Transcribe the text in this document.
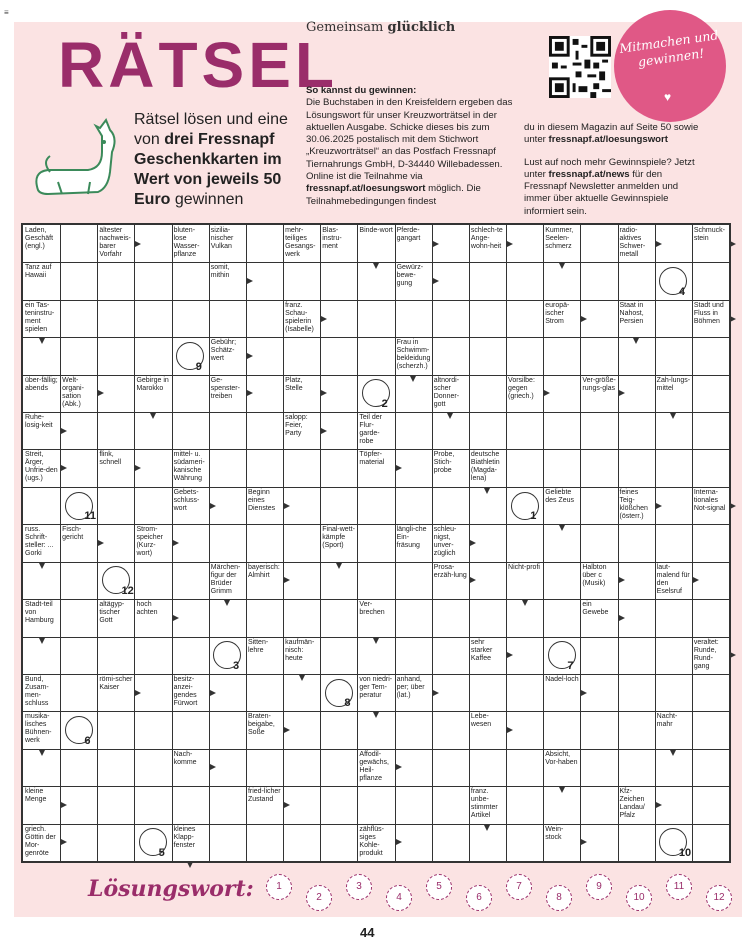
≡
Gemeinsam glücklich
RÄTSEL
Rätsel lösen und eine von drei Fressnapf Geschenkkarten im Wert von jeweils 50 Euro gewinnen
So kannst du gewinnen:
Die Buchstaben in den Kreisfeldern ergeben das Lösungswort für unser Kreuzworträtsel in der aktuellen Ausgabe. Schicke dieses bis zum 30.06.2025 postalisch mit dem Stichwort „Kreuzworträtsel“ an das Postfach Fressnapf Tiernahrungs GmbH, D-34440 Willebadessen. Online ist die Teilnahme via fressnapf.at/loesungswort möglich. Die Teilnahmebedingungen findest

du in diesem Magazin auf Seite 50 sowie unter fressnapf.at/loesungswort

Lust auf noch mehr Gewinnspiele? Jetzt unter fressnapf.at/news für den Fressnapf Newsletter anmelden und immer über aktuelle Gewinnspiele informiert sein.

Mitmachen und gewinnen!
♥
Laden, Geschäft (engl.)
ältester nachweis-barer Vorfahr
bluten-lose Wasser-pflanze
sizilia-nischer Vulkan
mehr-teiliges Gesangs-werk
Blas-instru-ment
Binde-wort Pferde-gangart
schlech-te Ange-wohn-heit
Kummer, Seelen-schmerz
radio-aktives Schwer-metall
Schmuck-stein
Tanz auf Hawaii
somit, mithin
Gewürz-bewe-gung
ein Tas-teninstru-ment spielen
franz. Schau-spielerin (Isabelle)
europä-ischer Strom
Staat in Nahost, Persien
Stadt und Fluss in Böhmen
Gebühr; Schätz-wert
Frau in Schwimm-bekleidung (scherzh.)
über-fällig; abends
Welt-organi-sation (Abk.)
Gebirge in Marokko
Ge-spenster-treiben
Platz, Stelle
altnordi-scher Donner-gott
Vorsilbe: gegen (griech.)
Ver-größe-rungs-glas
Zah-lungs-mittel
Ruhe-losig-keit
salopp: Feier, Party
Teil der Flur-garde-robe
Streit, Ärger, Unfrie-den (ugs.)
flink, schnell
mittel- u. südameri-kanische Währung
Töpfer-material
Probe, Stich-probe
deutsche Biathletin (Magda-lena)
Gebets-schluss-wort
Beginn eines Dienstes
Geliebte des Zeus
feines Teig-klößchen (österr.)
Interna-tionales Not-signal
russ. Schrift-steller: ... Gorki
Fisch-gericht
Strom-speicher (Kurz-wort)
Final-wett-kämpfe (Sport)
längli-che Ein-fräsung
schleu-nigst, unver-züglich
Märchen-figur der Brüder Grimm
bayerisch: Almhirt
Prosa-erzäh-lung
Nicht-profi	Halbton über c (Musik)
laut-malend für den Eselsruf
Stadt-teil von Hamburg
altägyp-tischer Gott
hoch achten
Ver-brechen
ein Gewebe
Sitten-lehre
kaufmän-nisch: heute
sehr starker Kaffee
veraltet: Runde, Rund-gang
Bund, Zusam-men-schluss
römi-scher Kaiser
besitz-anzei-gendes Fürwort
von niedri-ger Tem-peratur
anhand, per; über (lat.)
Nadel-loch
musika-lisches Bühnen-werk
Braten-beigabe, Soße
Lebe-wesen
Nacht-mahr
Nach-komme
Affodil-gewächs, Heil-pflanze
Absicht, Vor-haben
kleine Menge
fried-licher Zustand
franz. unbe-stimmter Artikel
Kfz-Zeichen Landau/ Pfalz
griech. Göttin der Mor-genröte
kleines Klapp-fenster
zähflüs-siges Kohle-produkt
Wein-stock
4
9
2
11	1
12
3	7
8
6
5	10
Lösungswort:	1
2
3
4
5
6
7
8
9
10
11
12
44
